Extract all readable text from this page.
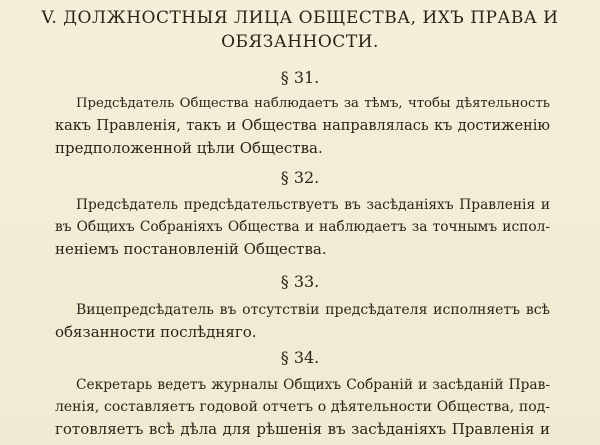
V. ДОЛЖНОСТНЫЯ ЛИЦА ОБЩЕСТВА, ИХЪ ПРАВА И
ОБЯЗАННОСТИ.

§ 31.

Предсѣдатель Общества наблюдаетъ за тѣмъ, чтобы дѣятельность

какъ Правленія, такъ и Общества направлялась къ достиженію

предположенной цѣли Общества.

§ 32.

Предсѣдатель предсѣдательствуетъ въ засѣданіяхъ Правленія и

въ Общихъ Собраніяхъ Общества и наблюдаетъ за точнымъ испол-

неніемъ постановленій Общества.

§ 33.

Вицепредсѣдатель въ отсутствіи предсѣдателя исполняетъ всѣ

обязанности послѣдняго.

§ 34.

Секретарь ведетъ журналы Общихъ Собраній и засѣданій Прав-

ленія, составляетъ годовой отчетъ о дѣятельности Общества, под-

готовляетъ всѣ дѣла для рѣшенія въ засѣданіяхъ Правленія и
